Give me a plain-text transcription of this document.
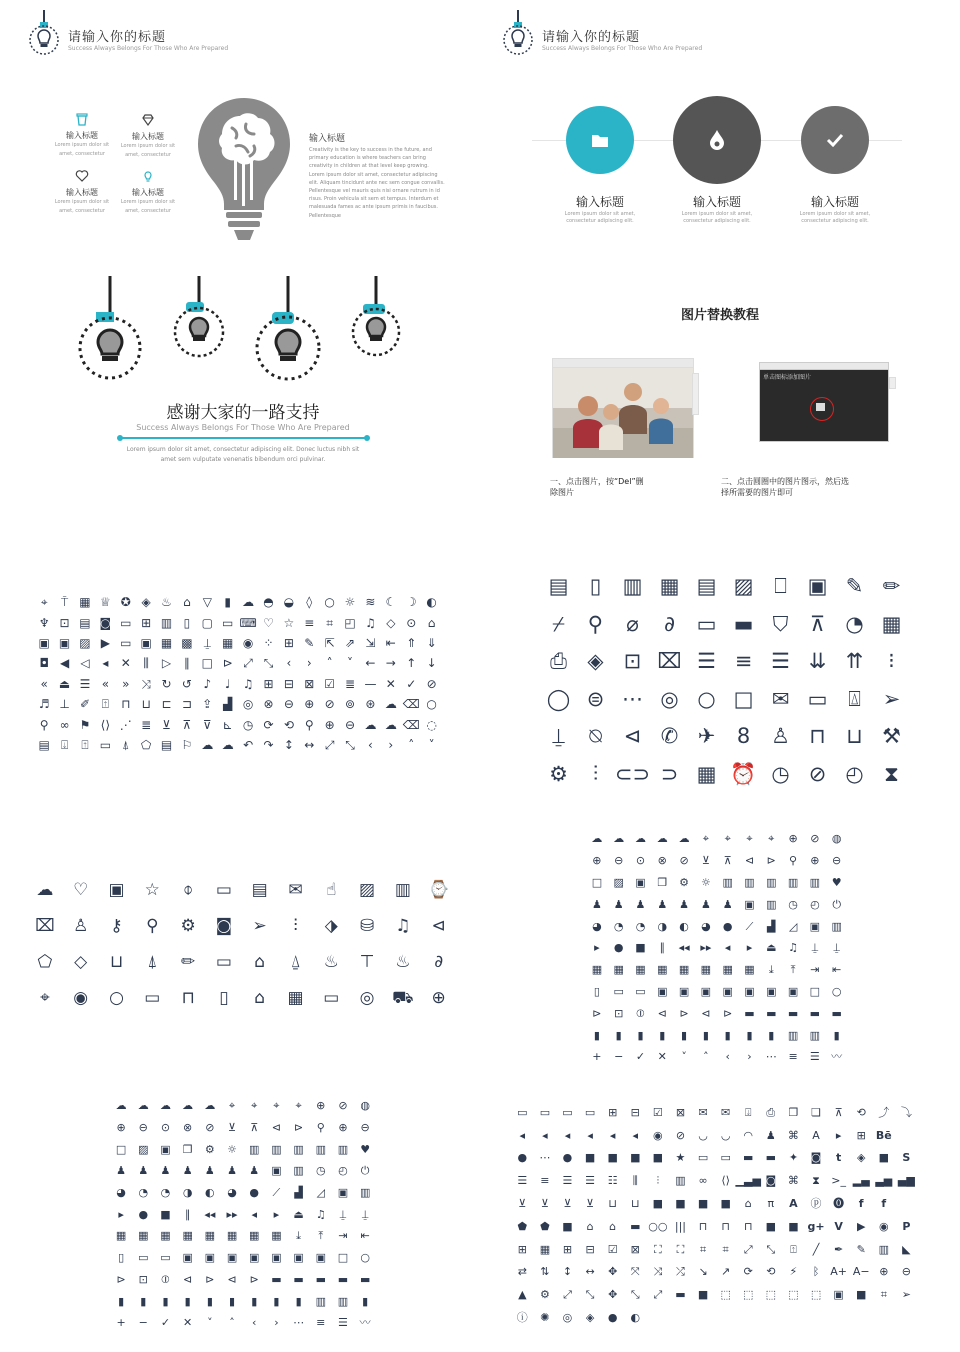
请输入你的标题
Success Always Belongs For Those Who Are Prepared
输入标题
Lorem ipsum dolor sit
amet, consectetur
输入标题
Lorem ipsum dolor sit
amet, consectetur
输入标题
Lorem ipsum dolor sit
amet, consectetur
输入标题
Lorem ipsum dolor sit
amet, consectetur
输入标题
Creativity is the key to success in the future, and
primary education is where teachers can bring
creativity in children at that level keep growing.
Lorem ipsum dolor sit amet, consectetur adipiscing
elit. Aliquam tincidunt ante nec sem congue convallis.
Pellentesque vel mauris quis nisi ornare rutrum in id
risus. Proin vehicula sit sem et tempus. Interdum et
malesuada fames ac ante ipsum primis in faucibus.
Pellentesque
请输入你的标题
Success Always Belongs For Those Who Are Prepared
输入标题
Lorem ipsum dolor sit amet,
consectetur adipiscing elit.
输入标题
Lorem ipsum dolor sit amet,
consectetur adipiscing elit.
输入标题
Lorem ipsum dolor sit amet,
consectetur adipiscing elit.
感谢大家的一路支持
Success Always Belongs For Those Who Are Prepared
Lorem ipsum dolor sit amet, consectetur adipiscing elit. Donec luctus nibh sit
amet sem vulputate venenatis bibendum orci pulvinar.
图片替换教程
单击图标添加图片
一、点击图片，按“Del”删
除图片
二、点击圆圈中的图片图示，然后选
择所需要的图片即可
⌖	⍑ ▦ ♕ ✪ ◈ ♨ ⌂ ▽	▮ ☁ ◓ ◒	◊	○ ☼ ≋ ☾ ☽ ◐
♆ ⊡ ▤ ◙ ▭ ⊞ ▥ ▯ ▢ ▭ ⌨ ♡ ☆ ≡ ⌗ ◰ ♫ ◇ ⊙ ⌂
▣ ▣ ▨ ▶ ▭ ▣ ▦ ▩ ⍊ ▦ ◉ ⁘ ⊞ ✎ ⇱ ⇗ ⇲ ⇤ ⇑ ⇓
◘ ◀ ◁	◂	✕	⫼	▷	∥ □ ⊳ ⤢ ⤡	‹	›	˄	˅	← → ↑ ↓
« ⏏ ☰ «	» ⤨ ↻ ↺ ♪	♩	♫ ⊞ ⊟ ⊠ ☑ ≣ — ✕ ✓ ⊘
♬ ⊥ ✐ ⍐	⊓ ⊔ ⊏ ⊐ ⇪ ▟ ◎ ⊗ ⊖ ⊕ ⊘ ⊚ ⊛ ☁ ⌫ ○
⚲ ∞ ⚑ ⟨⟩ ⋰ ≣ ⊻ ⊼ ⊽ ⊾ ◷ ⟳ ⟲ ⚲ ⊕ ⊖ ☁ ☁ ⌫ ◌
▤ ⍗	⍐ ▭ ⍋ ⬠ ▤ ⚐ ☁ ☁ ↶ ↷ ↕ ↔ ⤢ ⤡	‹	›	˄	˅
▤	▯	▥ ▦ ▤ ▨ ⎕ ▣ ✎ ✏
⌿	⚲	⌀	∂	▭ ▬ ⛉	⊼ ◔ ▦
⎙ ◈ ⊡ ⌧ ☰ ≡ ☰ ⇊ ⇈	⁝
◯ ⊜ ⋯ ◎ ○ □ ✉ ▭ ⍍	➢
⍊	⍉	⊲ ✆ ✈	8 ♙ ⊓ ⊔ ⚒
⚙	⫶ ⊂⊃ ⊃ ▦ ⏰ ◷ ⊘ ◴ ⧗
☁	♡	▣	☆	⌽	▭	▤	✉	☝	▨	▥	⌚
⌧	♙	⚷	⚲	⚙	◙	➢	⫶	⬗	⛁	♫	⊲
⬠	◇	⊔	⍋	✏	▭	⌂	⍙	♨	⊤	♨	∂
⌖	◉	○	▭	⊓	▯	⌂	▦	▭	◎	⛟	⊕
☁ ☁ ☁ ☁ ☁	⌖	⌖	⌖	⌖	⊕	⊘	◍
⊕	⊖	⊙	⊗	⊘	⊻	⊼	⊲	⊳	⚲	⊕	⊖
□	▨	▣	❐	⚙	☼	▥	▥	▥	▥	▥	♥
♟	♟	♟	♟	♟	♟	♟	▣	▥	◷	◴	⏻
◕	◔	◔	◑	◐	◕	●	⟋	▟	◿	▣	▥
▸	●	■	∥	◂◂ ▸▸	◂	▸	⏏	♫	⍊	⍊
▦	▦	▦	▦	▦	▦	▦	▦	⤓	⤒	⇥	⇤
▯	▭	▭	▣	▣	▣	▣	▣	▣	▣	□	○
⊳	⊡	⦶	⊲	⊳	⊲	⊳	▬	▬	▬	▬	▬
▮	▮	▮	▮	▮	▮	▮	▮	▮	▥	▥	▮
+	−	✓	✕	˅	˄	‹	›	⋯	≡	☰	〰
☁	☁	☁	☁	☁	⌖	⌖	⌖	⌖	⊕	⊘	◍
⊕	⊖	⊙	⊗	⊘	⊻	⊼	⊲	⊳	⚲	⊕	⊖
□	▨	▣	❐	⚙	☼	▥	▥	▥	▥	▥	♥
♟	♟	♟	♟	♟	♟	♟	▣	▥	◷	◴	⏻
◕	◔	◔	◑	◐	◕	●	⟋	▟	◿	▣	▥
▸	●	■	∥	◂◂	▸▸	◂	▸	⏏	♫	⍊	⍊
▦	▦	▦	▦	▦	▦	▦	▦	⤓	⤒	⇥	⇤
▯	▭	▭	▣	▣	▣	▣	▣	▣	▣	□	○
⊳	⊡	⦶	⊲	⊳	⊲	⊳	▬	▬	▬	▬	▬
▮	▮	▮	▮	▮	▮	▮	▮	▮	▥	▥	▮
+	−	✓	✕	˅	˄	‹	›	⋯	≡	☰	〰
▭	▭	▭	▭	⊞	⊟	☑	⊠	✉	✉	⍗	⎙	❐	❏	⊼	⟲	⤴	⤵
◂	◂	◂	◂	◂	◂	◉	⊘	◡	◡	◠	♟	⌘	A	▸	⊞ Bē
●	⋯	●	■	■	■	■	★	▭	▭	▬	▬	✦	◙	t	◈	■	S
☰	≡	☰	☰	☷	⫼	⫶	▥	∞	⟨⟩ ▁▃▅ ◙	⌘	⧗	>_ ▂▄ ▃▅ ▄▆
⊻	⊻	⊻	⊻	⊔	⊔	■	■	■	■	⌂	π	A	ⓟ	⓿	f	f
⬟	⬟	■	⌂	⌂	▬ ○○ |||	⊓	⊓	⊓	■	■ g+ V	▶	◉	P
⊞	▦	⊞	⊟	☑	⊠	⛶	⛶	⌗	⌗	⤢	⤡	⍐	╱	✒	✎	▥	◣
⇄	⇅	↕	↔	✥	⤧	⤨	⤮	↘	↗	⟳	⟲	⚡	ᛒ A+ A− ⊕	⊖
▲	⚙	⤢	⤡	✥	⤡	⤢	▬	■	⬚	⬚	⬚	⬚	⬚	▣	■	⌗	➢
ⓘ	✺	◎	◈	●	◐
